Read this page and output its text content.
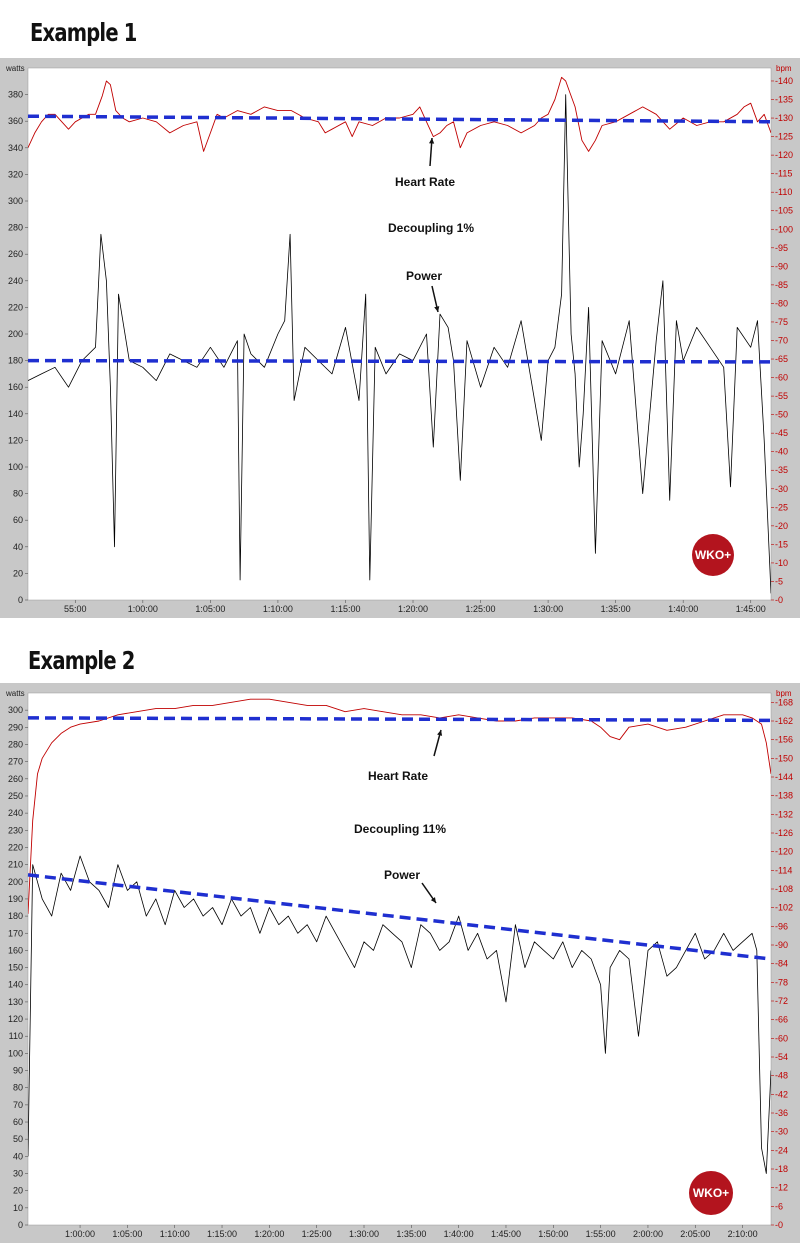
Example 1
watts	bpm
0
20
40
60
80
100
120
140
160
180
200
220
240
260
280
300
320
340
360
380
-0
-5
-10
-15
-20
-25
-30
-35
-40
-45
-50
-55
-60
-65
-70
-75
-80
-85
-90
-95
-100
-105
-110
-115
-120
-125
-130
-135
-140
55:00	1:00:00	1:05:00	1:10:00	1:15:00	1:20:00	1:25:00	1:30:00	1:35:00	1:40:00	1:45:00
Heart Rate
Decoupling 1%
Power
WKO+
Example 2
watts	bpm
0
10
20
30
40
50
60
70
80
90
100
110
120
130
140
150
160
170
180
190
200
210
220
230
240
250
260
270
280
290
300
-0
-6
-12
-18
-24
-30
-36
-42
-48
-54
-60
-66
-72
-78
-84
-90
-96
-102
-108
-114
-120
-126
-132
-138
-144
-150
-156
-162
-168
1:00:00 1:05:00 1:10:00 1:15:00 1:20:00 1:25:00 1:30:00 1:35:00 1:40:00 1:45:00 1:50:00 1:55:00 2:00:00 2:05:00 2:10:00
Heart Rate
Decoupling 11%
Power
WKO+
